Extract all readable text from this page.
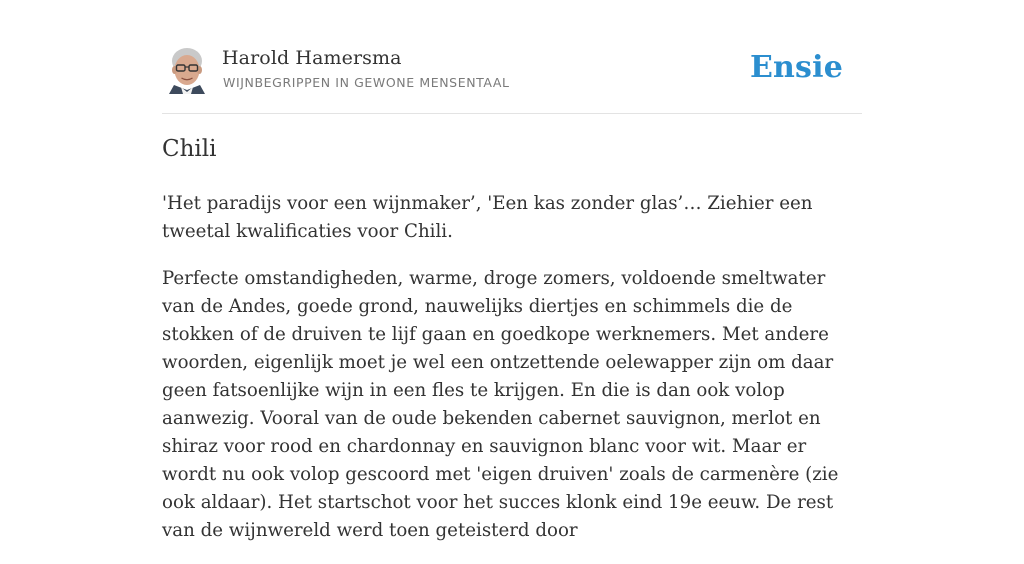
Harold Hamersma
WIJNBEGRIPPEN IN GEWONE MENSENTAAL	Ensie
Chili

'Het paradijs voor een wijnmaker’, 'Een kas zonder glas’… Ziehier een tweetal kwalificaties voor Chili.

Perfecte omstandigheden, warme, droge zomers, voldoende smeltwater van de Andes, goede grond, nauwelijks diertjes en schimmels die de stokken of de druiven te lijf gaan en goedkope werknemers. Met andere woorden, eigenlijk moet je wel een ontzettende oelewapper zijn om daar geen fatsoenlijke wijn in een fles te krijgen. En die is dan ook volop aanwezig. Vooral van de oude bekenden cabernet sauvignon, merlot en shiraz voor rood en chardonnay en sauvignon blanc voor wit. Maar er wordt nu ook volop gescoord met 'eigen druiven' zoals de carmenère (zie ook aldaar). Het startschot voor het succes klonk eind 19e eeuw. De rest van de wijnwereld werd toen geteisterd door
